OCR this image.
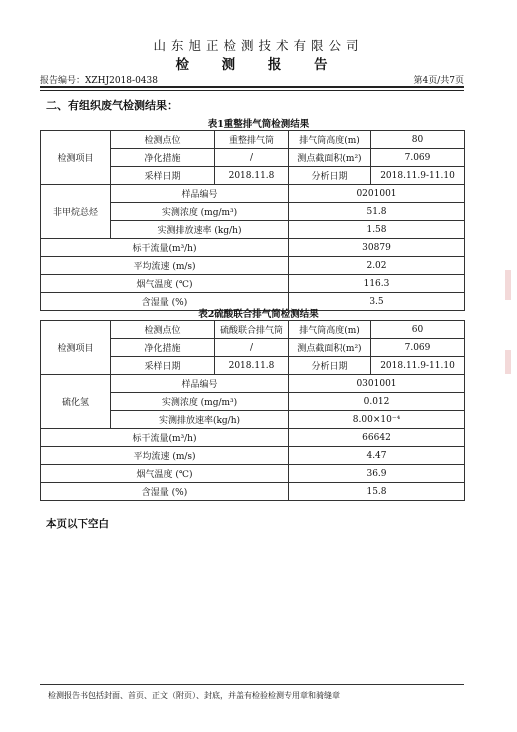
山东旭正检测技术有限公司
检 测 报 告
报告编号：XZHJ2018-0438	第4页/共7页
二、有组织废气检测结果：
表1重整排气筒检测结果
检测项目	检测点位	重整排气筒	排气筒高度(m)	80
	净化措施	/	测点截面积(m²)	7.069
	采样日期	2018.11.8	分析日期	2018.11.9-11.10
非甲烷总烃	样品编号		0201001	
	实测浓度 (mg/m³)		51.8	
	实测排放速率 (kg/h)		1.58	
标干流量(m³/h)			30879	
平均流速 (m/s)			2.02	
烟气温度 (℃)			116.3	
含湿量 (%)			3.5	
表2硫酸联合排气筒检测结果
检测项目	检测点位	硫酸联合排气筒	排气筒高度(m)	60
	净化措施	/	测点截面积(m²)	7.069
	采样日期	2018.11.8	分析日期	2018.11.9-11.10
硫化氢	样品编号		0301001	
	实测浓度 (mg/m³)		0.012	
	实测排放速率(kg/h)		8.00×10⁻⁴	
标干流量(m³/h)			66642	
平均流速 (m/s)			4.47	
烟气温度 (℃)			36.9	
含湿量 (%)			15.8	
本页以下空白
检测报告书包括封面、首页、正文（附页）、封底，并盖有检验检测专用章和骑缝章
